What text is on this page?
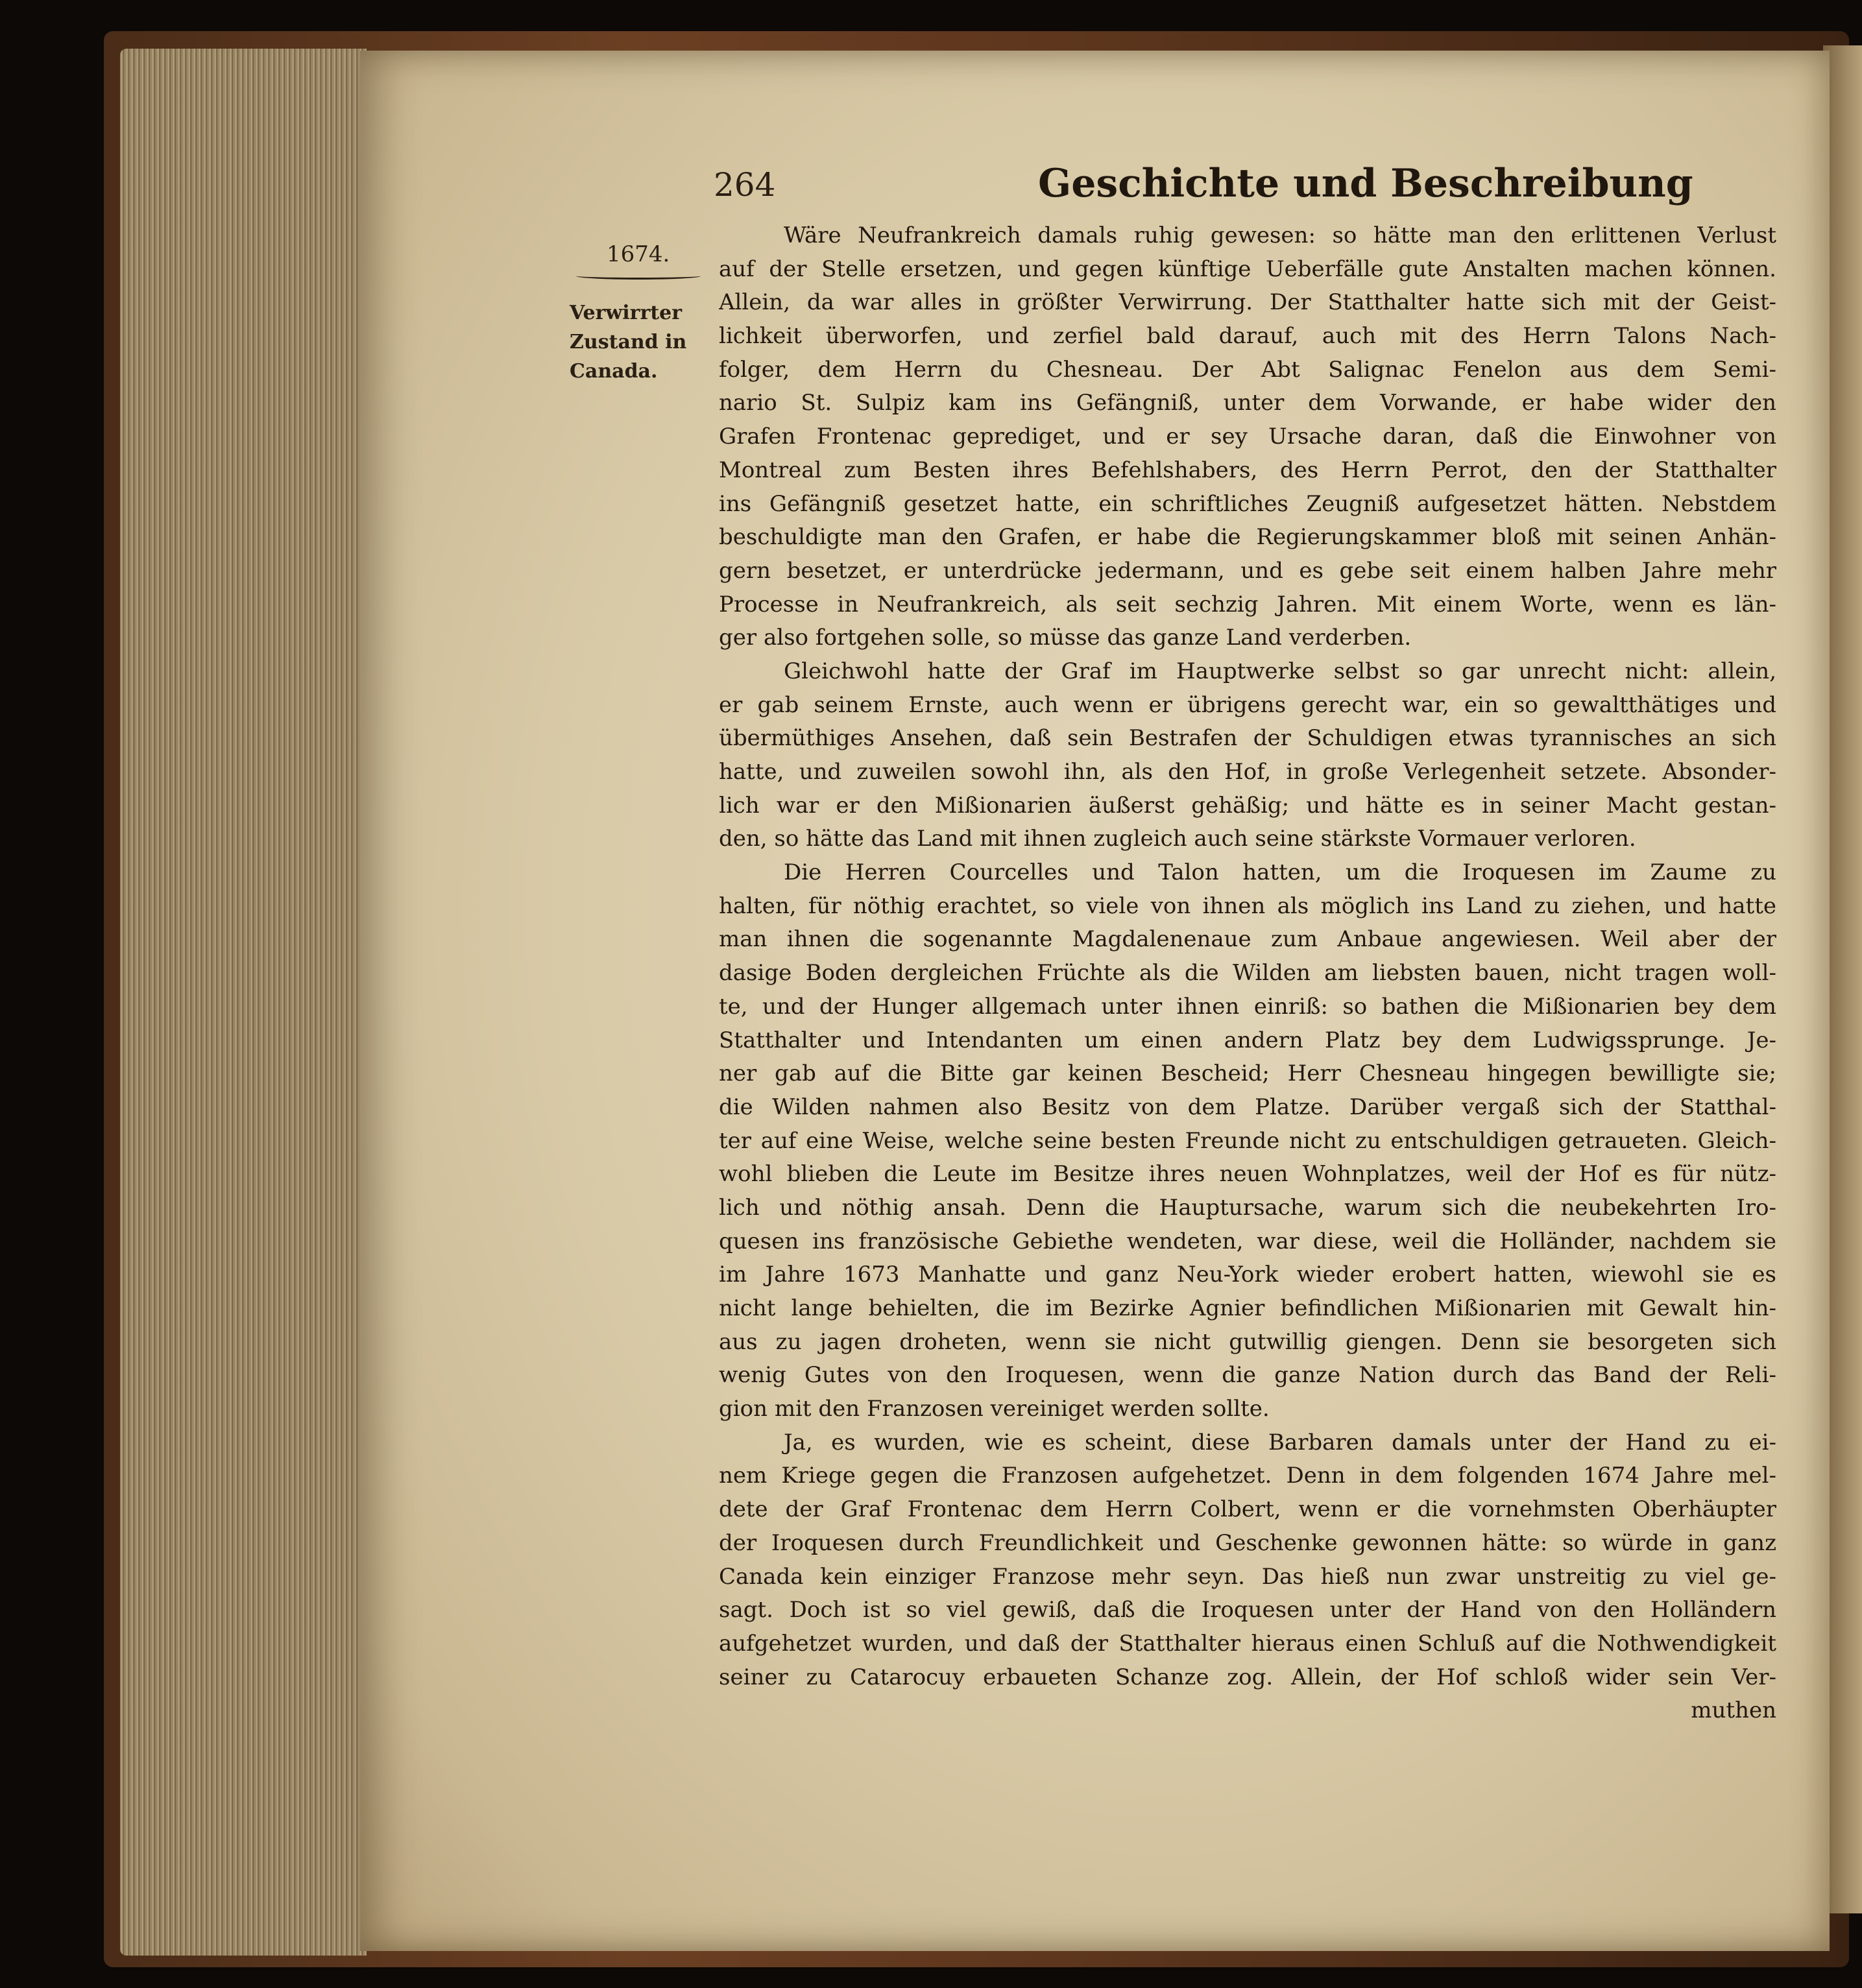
264	Geschichte und Beschreibung
1674.
Verwirrter
Zustand in
Canada.
Wäre Neufrankreich damals ruhig gewesen: so hätte man den erlittenen Verlust
auf der Stelle ersetzen, und gegen künftige Ueberfälle gute Anstalten machen können.
Allein, da war alles in größter Verwirrung. Der Statthalter hatte sich mit der Geist-
lichkeit überworfen, und zerfiel bald darauf, auch mit des Herrn Talons Nach-
folger, dem Herrn du Chesneau. Der Abt Salignac Fenelon aus dem Semi-
nario St. Sulpiz kam ins Gefängniß, unter dem Vorwande, er habe wider den
Grafen Frontenac geprediget, und er sey Ursache daran, daß die Einwohner von
Montreal zum Besten ihres Befehlshabers, des Herrn Perrot, den der Statthalter
ins Gefängniß gesetzet hatte, ein schriftliches Zeugniß aufgesetzet hätten. Nebstdem
beschuldigte man den Grafen, er habe die Regierungskammer bloß mit seinen Anhän-
gern besetzet, er unterdrücke jedermann, und es gebe seit einem halben Jahre mehr
Processe in Neufrankreich, als seit sechzig Jahren. Mit einem Worte, wenn es län-
ger also fortgehen solle, so müsse das ganze Land verderben.
Gleichwohl hatte der Graf im Hauptwerke selbst so gar unrecht nicht: allein,
er gab seinem Ernste, auch wenn er übrigens gerecht war, ein so gewaltthätiges und
übermüthiges Ansehen, daß sein Bestrafen der Schuldigen etwas tyrannisches an sich
hatte, und zuweilen sowohl ihn, als den Hof, in große Verlegenheit setzete. Absonder-
lich war er den Mißionarien äußerst gehäßig; und hätte es in seiner Macht gestan-
den, so hätte das Land mit ihnen zugleich auch seine stärkste Vormauer verloren.
Die Herren Courcelles und Talon hatten, um die Iroquesen im Zaume zu
halten, für nöthig erachtet, so viele von ihnen als möglich ins Land zu ziehen, und hatte
man ihnen die sogenannte Magdalenenaue zum Anbaue angewiesen. Weil aber der
dasige Boden dergleichen Früchte als die Wilden am liebsten bauen, nicht tragen woll-
te, und der Hunger allgemach unter ihnen einriß: so bathen die Mißionarien bey dem
Statthalter und Intendanten um einen andern Platz bey dem Ludwigssprunge. Je-
ner gab auf die Bitte gar keinen Bescheid; Herr Chesneau hingegen bewilligte sie;
die Wilden nahmen also Besitz von dem Platze. Darüber vergaß sich der Statthal-
ter auf eine Weise, welche seine besten Freunde nicht zu entschuldigen getraueten. Gleich-
wohl blieben die Leute im Besitze ihres neuen Wohnplatzes, weil der Hof es für nütz-
lich und nöthig ansah. Denn die Hauptursache, warum sich die neubekehrten Iro-
quesen ins französische Gebiethe wendeten, war diese, weil die Holländer, nachdem sie
im Jahre 1673 Manhatte und ganz Neu-York wieder erobert hatten, wiewohl sie es
nicht lange behielten, die im Bezirke Agnier befindlichen Mißionarien mit Gewalt hin-
aus zu jagen droheten, wenn sie nicht gutwillig giengen. Denn sie besorgeten sich
wenig Gutes von den Iroquesen, wenn die ganze Nation durch das Band der Reli-
gion mit den Franzosen vereiniget werden sollte.
Ja, es wurden, wie es scheint, diese Barbaren damals unter der Hand zu ei-
nem Kriege gegen die Franzosen aufgehetzet. Denn in dem folgenden 1674 Jahre mel-
dete der Graf Frontenac dem Herrn Colbert, wenn er die vornehmsten Oberhäupter
der Iroquesen durch Freundlichkeit und Geschenke gewonnen hätte: so würde in ganz
Canada kein einziger Franzose mehr seyn. Das hieß nun zwar unstreitig zu viel ge-
sagt. Doch ist so viel gewiß, daß die Iroquesen unter der Hand von den Holländern
aufgehetzet wurden, und daß der Statthalter hieraus einen Schluß auf die Nothwendigkeit
seiner zu Catarocuy erbaueten Schanze zog. Allein, der Hof schloß wider sein Ver-
muthen
